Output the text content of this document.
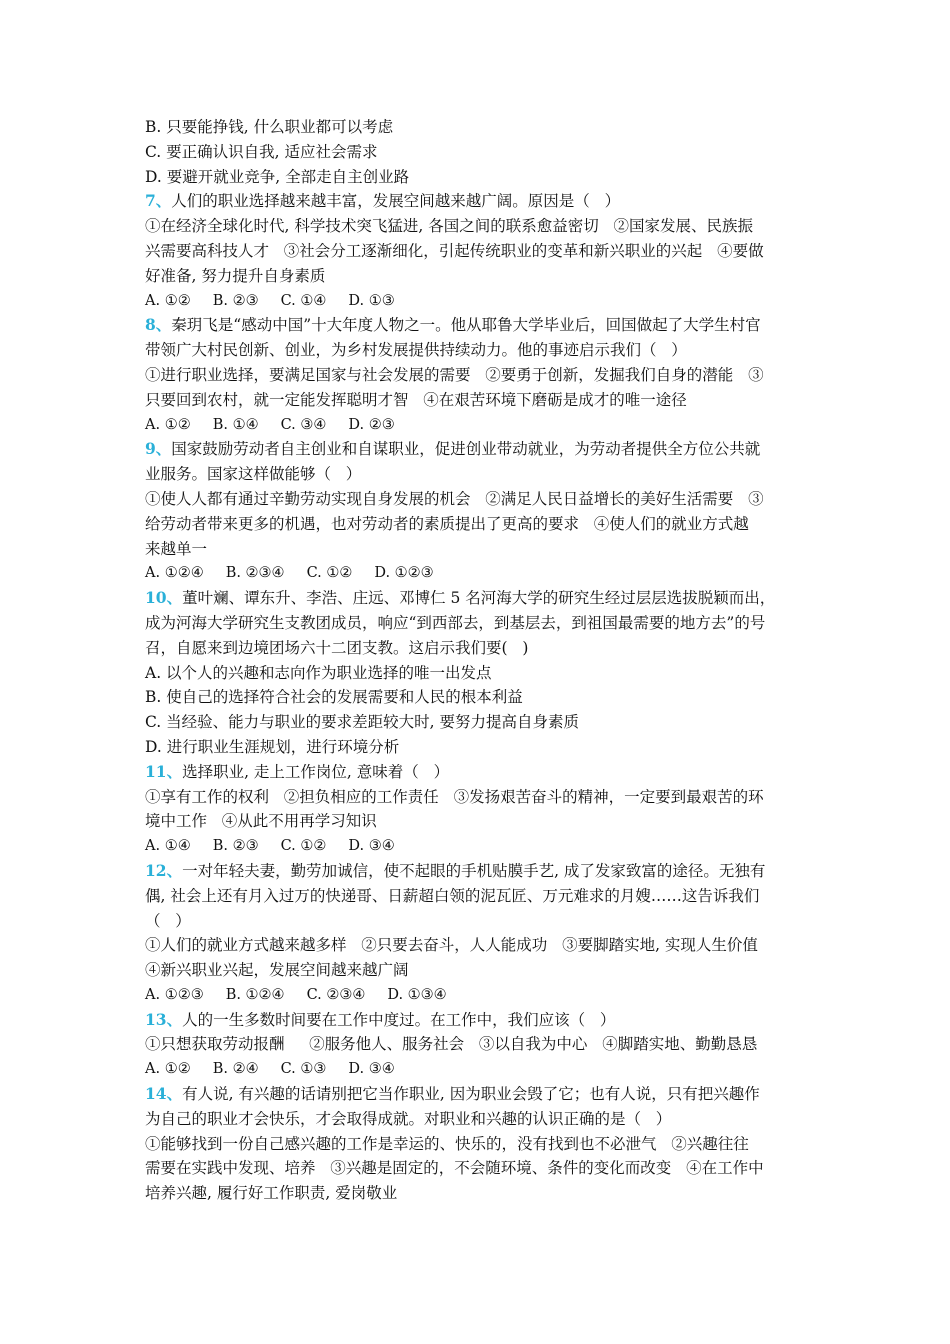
B. 只要能挣钱, 什么职业都可以考虑

C. 要正确认识自我, 适应社会需求

D. 要避开就业竞争, 全部走自主创业路

7、人们的职业选择越来越丰富，发展空间越来越广阔。原因是（   ）

①在经济全球化时代, 科学技术突飞猛进, 各国之间的联系愈益密切   ②国家发展、民族振

兴需要高科技人才   ③社会分工逐渐细化，引起传统职业的变革和新兴职业的兴起   ④要做

好准备, 努力提升自身素质

A. ①② B. ②③ C. ①④ D. ①③

8、秦玥飞是“感动中国”十大年度人物之一。他从耶鲁大学毕业后，回国做起了大学生村官

带领广大村民创新、创业，为乡村发展提供持续动力。他的事迹启示我们（   ）

①进行职业选择，要满足国家与社会发展的需要   ②要勇于创新，发掘我们自身的潜能   ③

只要回到农村，就一定能发挥聪明才智   ④在艰苦环境下磨砺是成才的唯一途径

A. ①② B. ①④ C. ③④ D. ②③

9、国家鼓励劳动者自主创业和自谋职业，促进创业带动就业，为劳动者提供全方位公共就

业服务。国家这样做能够（   ）

①使人人都有通过辛勤劳动实现自身发展的机会   ②满足人民日益增长的美好生活需要   ③

给劳动者带来更多的机遇，也对劳动者的素质提出了更高的要求   ④使人们的就业方式越

来越单一

A. ①②④ B. ②③④ C. ①② D. ①②③

10、董叶斓、谭东升、李浩、庄远、邓博仁 5 名河海大学的研究生经过层层选拔脱颖而出，

成为河海大学研究生支教团成员，响应“到西部去，到基层去，到祖国最需要的地方去”的号

召，自愿来到边境团场六十二团支教。这启示我们要(   )

A. 以个人的兴趣和志向作为职业选择的唯一出发点

B. 使自己的选择符合社会的发展需要和人民的根本利益

C. 当经验、能力与职业的要求差距较大时, 要努力提高自身素质

D. 进行职业生涯规划，进行环境分析

11、选择职业, 走上工作岗位, 意味着（   ）

①享有工作的权利   ②担负相应的工作责任   ③发扬艰苦奋斗的精神，一定要到最艰苦的环

境中工作   ④从此不用再学习知识

A. ①④ B. ②③ C. ①② D. ③④

12、一对年轻夫妻，勤劳加诚信，使不起眼的手机贴膜手艺, 成了发家致富的途径。无独有

偶, 社会上还有月入过万的快递哥、日薪超白领的泥瓦匠、万元难求的月嫂……这告诉我们

（   ）

①人们的就业方式越来越多样   ②只要去奋斗，人人能成功   ③要脚踏实地, 实现人生价值

④新兴职业兴起，发展空间越来越广阔

A. ①②③ B. ①②④ C. ②③④ D. ①③④

13、人的一生多数时间要在工作中度过。在工作中，我们应该（   ）

①只想获取劳动报酬     ②服务他人、服务社会   ③以自我为中心   ④脚踏实地、勤勤恳恳

A. ①② B. ②④ C. ①③ D. ③④

14、有人说, 有兴趣的话请别把它当作职业, 因为职业会毁了它；也有人说，只有把兴趣作

为自己的职业才会快乐，才会取得成就。对职业和兴趣的认识正确的是（   ）

①能够找到一份自己感兴趣的工作是幸运的、快乐的，没有找到也不必泄气   ②兴趣往往

需要在实践中发现、培养   ③兴趣是固定的，不会随环境、条件的变化而改变   ④在工作中

培养兴趣, 履行好工作职责, 爱岗敬业
